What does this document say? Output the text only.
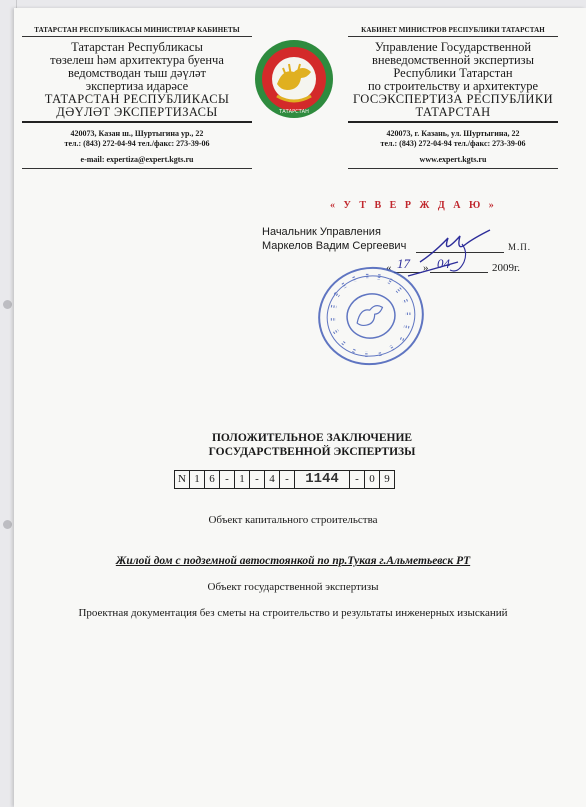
ТАТАРСТАН РЕСПУБЛИКАСЫ МИНИСТРЛАР КАБИНЕТЫ
Татарстан Республикасы
төзелеш һәм архитектура буенча
ведомстводан тыш дәүләт
экспертиза идарәсе
ТАТАРСТАН РЕСПУБЛИКАСЫ
ДӘҮЛӘТ ЭКСПЕРТИЗАСЫ
420073, Казан ш., Шуртыгина ур., 22
тел.: (843) 272-04-94 тел./факс: 273-39-06
e-mail: expertiza@expert.kgts.ru
КАБИНЕТ МИНИСТРОВ РЕСПУБЛИКИ ТАТАРСТАН
Управление Государственной
вневедомственной экспертизы
Республики Татарстан
по строительству и архитектуре
ГОСЭКСПЕРТИЗА РЕСПУБЛИКИ
ТАТАРСТАН
420073, г. Казань, ул. Шуртыгина, 22
тел.: (843) 272-04-94 тел./факс: 273-39-06
www.expert.kgts.ru
ТАТАРСТАН
« У Т В Е Р Ж Д А Ю »
Начальник Управления
Маркелов Вадим Сергеевич	М.П.
« 17 » 04	2009г.
ПОЛОЖИТЕЛЬНОЕ ЗАКЛЮЧЕНИЕ
ГОСУДАРСТВЕННОЙ ЭКСПЕРТИЗЫ
N 1 6 - 1 - 4 -	1144	- 0 9
Объект капитального строительства
Жилой дом с подземной автостоянкой по пр.Тукая г.Альметьевск РТ
Объект государственной экспертизы
Проектная документация без сметы на строительство и результаты инженерных изысканий
